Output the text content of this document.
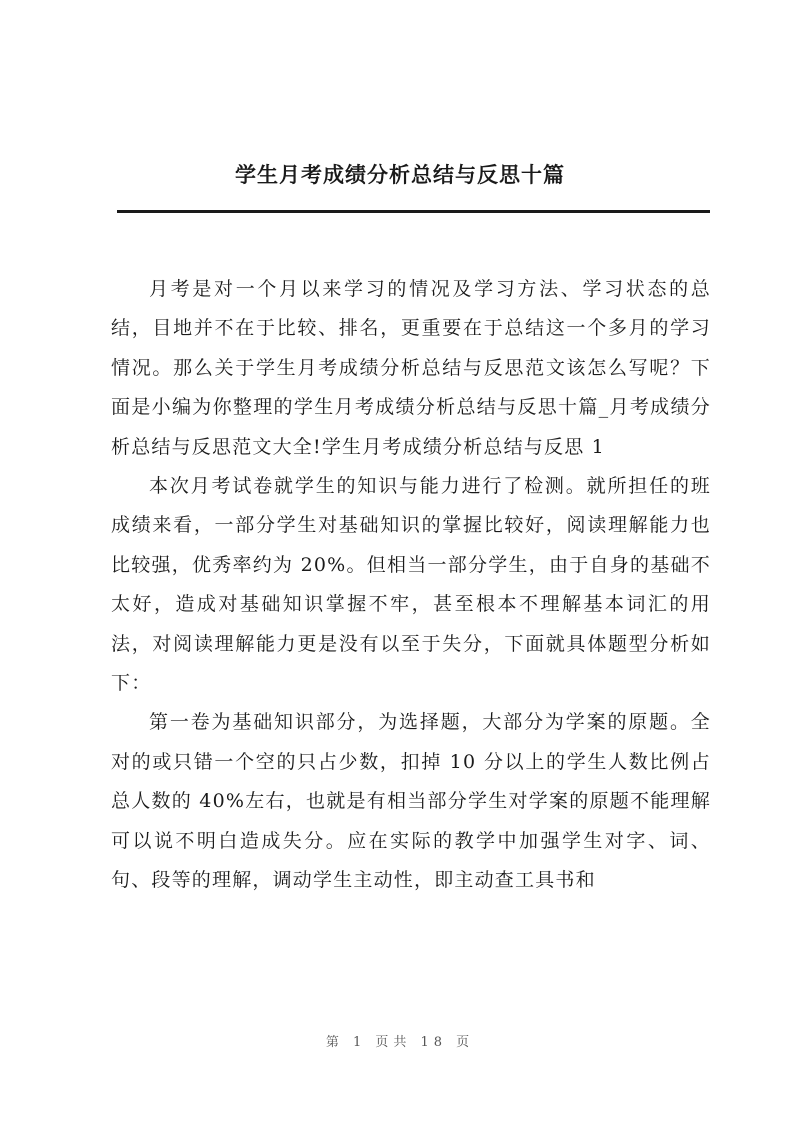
学生月考成绩分析总结与反思十篇

月考是对一个月以来学习的情况及学习方法、学习状态的总结，目地并不在于比较、排名，更重要在于总结这一个多月的学习情况。那么关于学生月考成绩分析总结与反思范文该怎么写呢？下面是小编为你整理的学生月考成绩分析总结与反思十篇_月考成绩分析总结与反思范文大全!学生月考成绩分析总结与反思 1

本次月考试卷就学生的知识与能力进行了检测。就所担任的班成绩来看，一部分学生对基础知识的掌握比较好，阅读理解能力也比较强，优秀率约为 20%。但相当一部分学生，由于自身的基础不太好，造成对基础知识掌握不牢，甚至根本不理解基本词汇的用法，对阅读理解能力更是没有以至于失分，下面就具体题型分析如下：

第一卷为基础知识部分，为选择题，大部分为学案的原题。全对的或只错一个空的只占少数，扣掉 10 分以上的学生人数比例占总人数的 40%左右，也就是有相当部分学生对学案的原题不能理解可以说不明白造成失分。应在实际的教学中加强学生对字、词、句、段等的理解，调动学生主动性，即主动查工具书和

第 1 页共 18 页
